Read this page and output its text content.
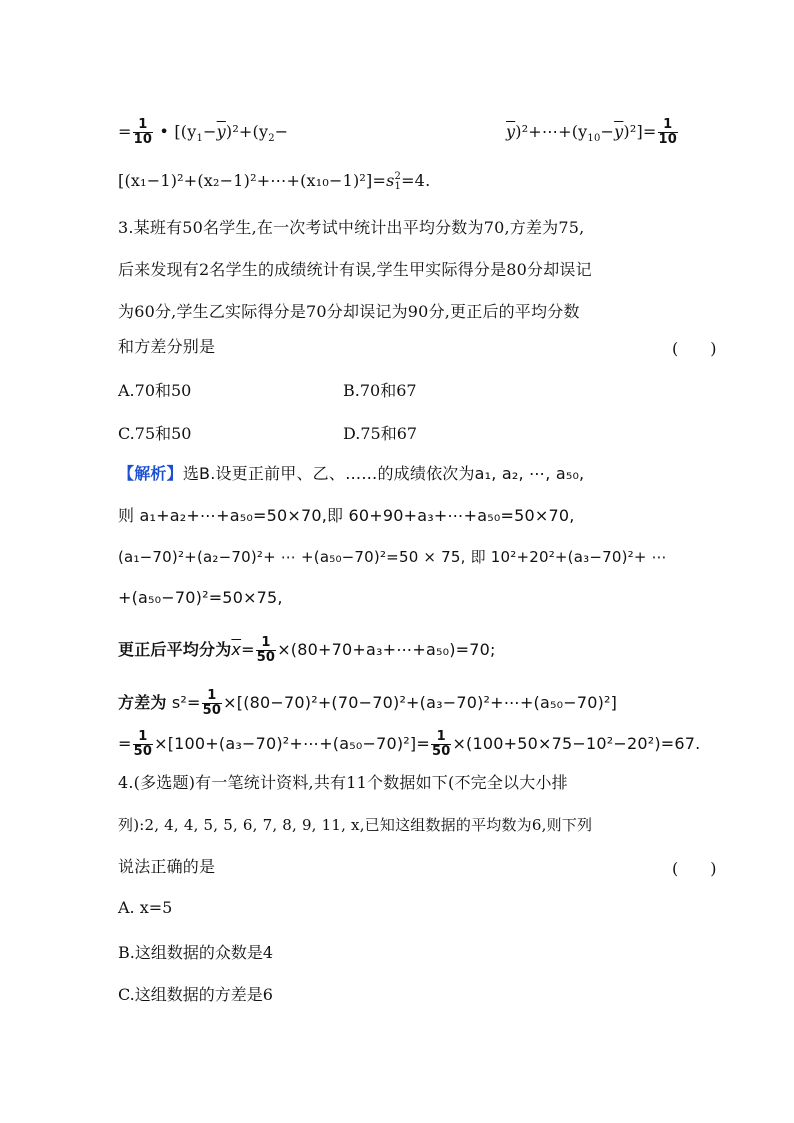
= $\frac{1}{10}$ • [$(y_1-\overline{y})^2+(y_2-$	$\overline{y})^2+\cdots+(y_{10}-\overline{y})^2]= \frac{1}{10}$
[(x₁−1)²+(x₂−1)²+⋯+(x₁₀−1)²]=s 2
1 =4.
3.某班有50名学生,在一次考试中统计出平均分数为70,方差为75,
后来发现有2名学生的成绩统计有误,学生甲实际得分是80分却误记
为60分,学生乙实际得分是70分却误记为90分,更正后的平均分数
和方差分别是	(　　)
A.70和50	B.70和67
C.75和50	D.75和67
【解析】选B.设更正前甲、乙、……的成绩依次为a₁, a₂, ⋯, a₅₀,
则 a₁+a₂+⋯+a₅₀=50×70,即 60+90+a₃+⋯+a₅₀=50×70,
(a₁−70)²+(a₂−70)²+ ⋯ +(a₅₀−70)²=50 × 75, 即 10²+20²+(a₃−70)²+ ⋯
+(a₅₀−70)²=50×75,
更正后平均分为$\overline{x}= \frac{1}{50}$ ×(80+70+a₃+⋯+a₅₀)=70;
方差为 $s^2= \frac{1}{50}$ ×[(80−70)²+(70−70)²+(a₃−70)²+⋯+(a₅₀−70)²]
= $\frac{1}{50}$ ×[100+(a₃−70)²+⋯+(a₅₀−70)²]= $\frac{1}{50} \times(100+50\times 75-10^2-20^2)=67$.
4.(多选题)有一笔统计资料,共有11个数据如下(不完全以大小排
列):2, 4, 4, 5, 5, 6, 7, 8, 9, 11, x,已知这组数据的平均数为6,则下列
说法正确的是	(　　)
A. x=5
B.这组数据的众数是4
C.这组数据的方差是6
